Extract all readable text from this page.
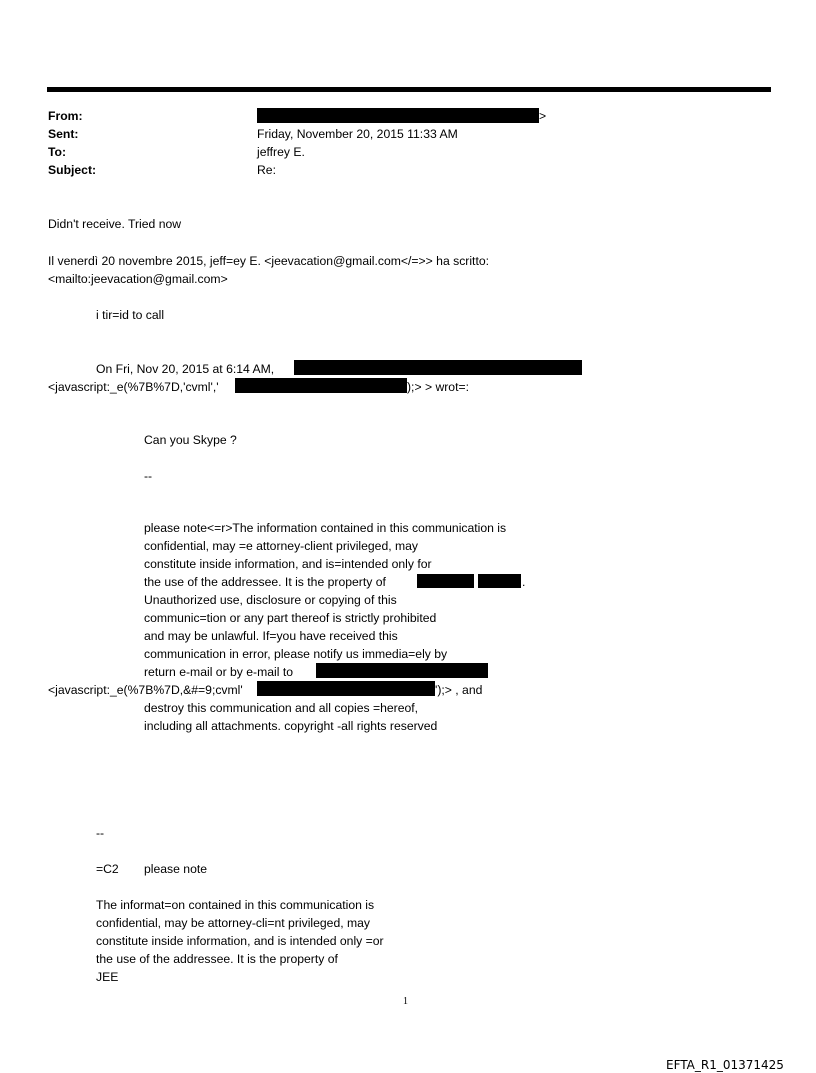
From:	>
Sent:	Friday, November 20, 2015 11:33 AM
To:	jeffrey E.
Subject:	Re:
Didn't receive. Tried now
Il venerdì 20 novembre 2015, jeff=ey E. <jeevacation@gmail.com</=>> ha scritto:
<mailto:jeevacation@gmail.com>
i tir=id to call
On Fri, Nov 20, 2015 at 6:14 AM,
<javascript:_e(%7B%7D,'cvml','	);> > wrot=:
Can you Skype ?
--
please note<=r>The information contained in this communication is
confidential, may =e attorney-client privileged, may
constitute inside information, and is=intended only for
the use of the addressee. It is the property of	.
Unauthorized use, disclosure or copying of this
communic=tion or any part thereof is strictly prohibited
and may be unlawful. If=you have received this
communication in error, please notify us immedia=ely by
return e-mail or by e-mail to
<javascript:_e(%7B%7D,&#=9;cvml'	');> , and
destroy this communication and all copies =hereof,
including all attachments. copyright -all rights reserved
--
=C2 please note
The informat=on contained in this communication is
confidential, may be attorney-cli=nt privileged, may
constitute inside information, and is intended only =or
the use of the addressee. It is the property of
JEE
1
EFTA_R1_01371425
